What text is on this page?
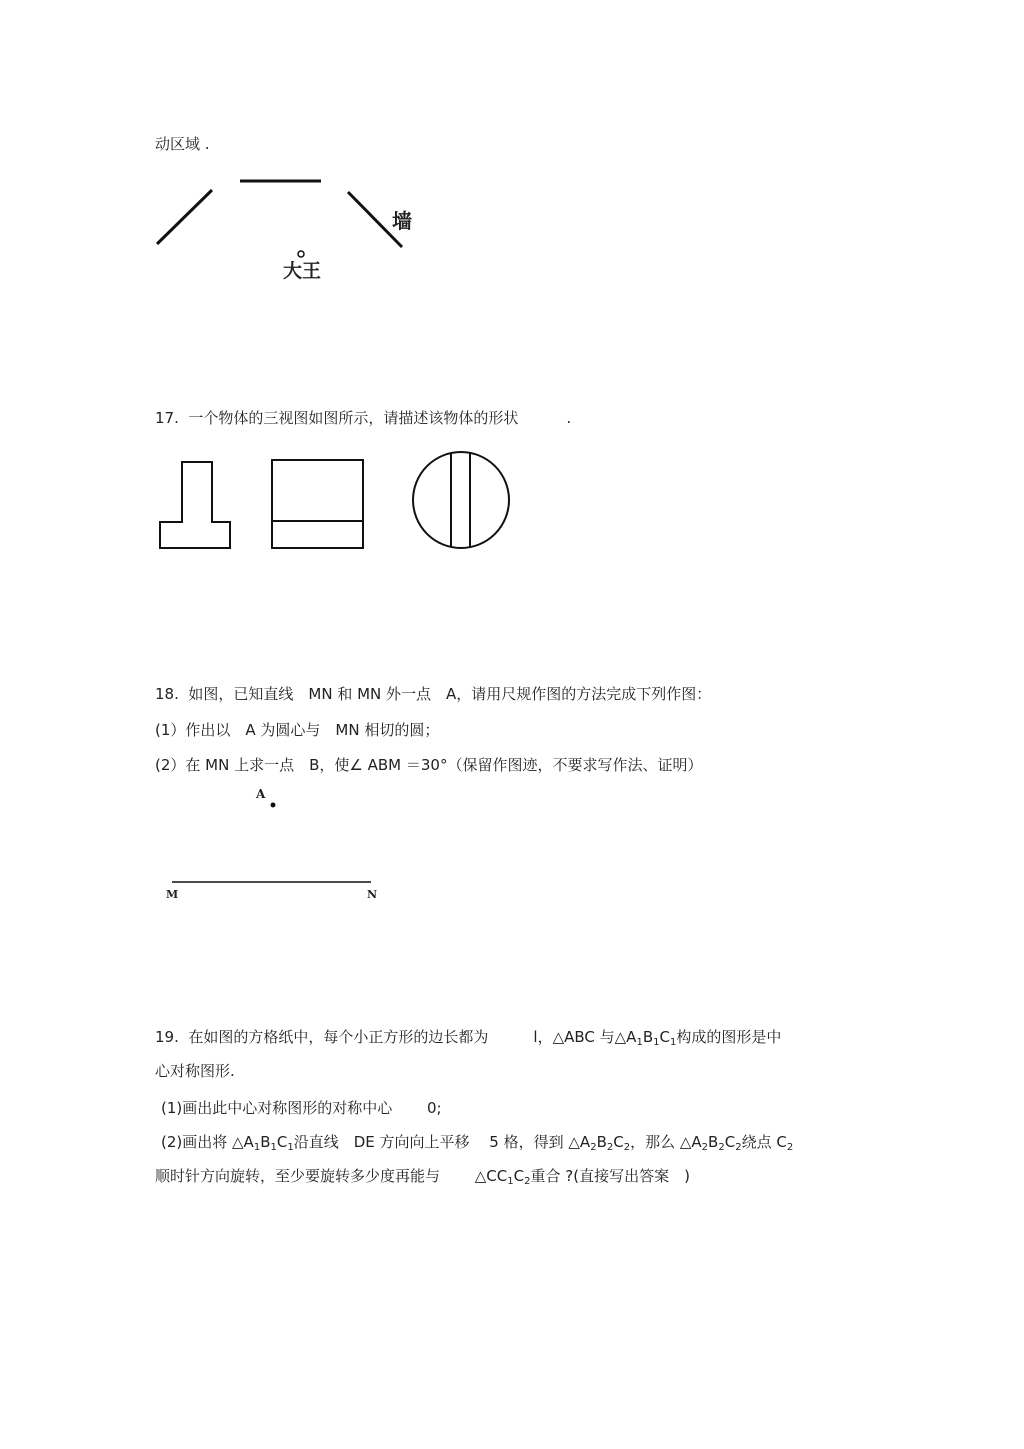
动区域 .
墙
大王
17. 一个物体的三视图如图所示，请描述该物体的形状	.
18. 如图，已知直线　MN 和 MN 外一点　A，请用尺规作图的方法完成下列作图：
(1）作出以　A 为圆心与　MN 相切的圆；
(2）在 MN 上求一点　B，使∠ ABM ＝30°（保留作图迹，不要求写作法、证明）
A
M	N
19. 在如图的方格纸中，每个小正方形的边长都为　　　l，△ABC 与$\triangle A_1B_1C_1$构成的图形是中
心对称图形.
(1)画出此中心对称图形的对称中心　　 0;
(2)画出将 $\triangle A_1B_1C_1$沿直线　DE 方向向上平移　 5 格，得到 $\triangle A_2B_2C_2$，那么 $\triangle A_2B_2C_2$绕点 $C_2$
顺时针方向旋转，至少要旋转多少度再能与　　 $\triangle CC_1C_2$重合 ?(直接写出答案　)
